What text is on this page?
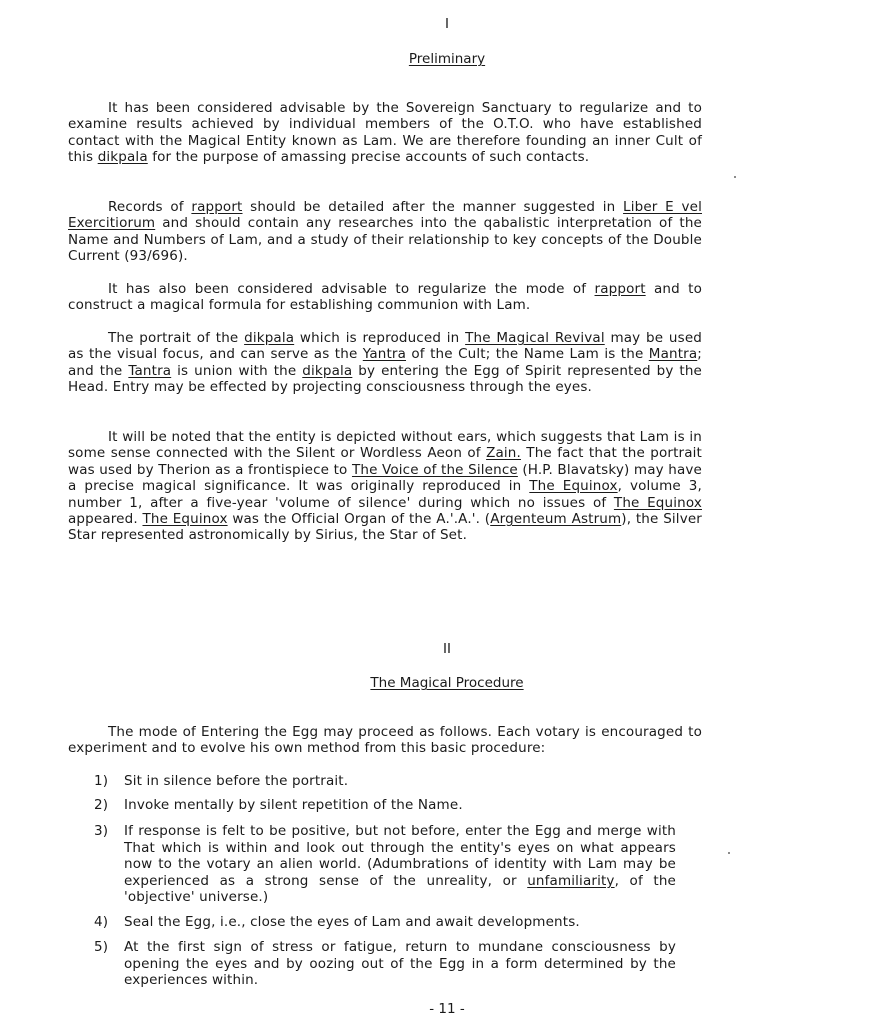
I
Preliminary
It has been considered advisable by the Sovereign Sanctuary to regularize and to examine results achieved by individual members of the O.T.O. who have established contact with the Magical Entity known as Lam. We are therefore founding an inner Cult of this dikpala for the purpose of amassing precise accounts of such contacts.
Records of rapport should be detailed after the manner suggested in Liber E vel Exercitiorum and should contain any researches into the qabalistic interpretation of the Name and Numbers of Lam, and a study of their relationship to key concepts of the Double Current (93/696).
It has also been considered advisable to regularize the mode of rapport and to construct a magical formula for establishing communion with Lam.
The portrait of the dikpala which is reproduced in The Magical Revival may be used as the visual focus, and can serve as the Yantra of the Cult; the Name Lam is the Mantra; and the Tantra is union with the dikpala by entering the Egg of Spirit represented by the Head. Entry may be effected by projecting consciousness through the eyes.
It will be noted that the entity is depicted without ears, which suggests that Lam is in some sense connected with the Silent or Wordless Aeon of Zain. The fact that the portrait was used by Therion as a frontispiece to The Voice of the Silence (H.P. Blavatsky) may have a precise magical significance. It was originally reproduced in The Equinox, volume 3, number 1, after a five-year 'volume of silence' during which no issues of The Equinox appeared. The Equinox was the Official Organ of the A.'.A.'. (Argenteum Astrum), the Silver Star represented astronomically by Sirius, the Star of Set.
II
The Magical Procedure
The mode of Entering the Egg may proceed as follows. Each votary is encouraged to experiment and to evolve his own method from this basic procedure:
1)	Sit in silence before the portrait.
2)	Invoke mentally by silent repetition of the Name.
3)	If response is felt to be positive, but not before, enter the Egg and merge with That which is within and look out through the entity's eyes on what appears now to the votary an alien world. (Adumbrations of identity with Lam may be experienced as a strong sense of the unreality, or unfamiliarity, of the 'objective' universe.)
4)	Seal the Egg, i.e., close the eyes of Lam and await developments.
5)	At the first sign of stress or fatigue, return to mundane consciousness by opening the eyes and by oozing out of the Egg in a form determined by the experiences within.
- 11 -
